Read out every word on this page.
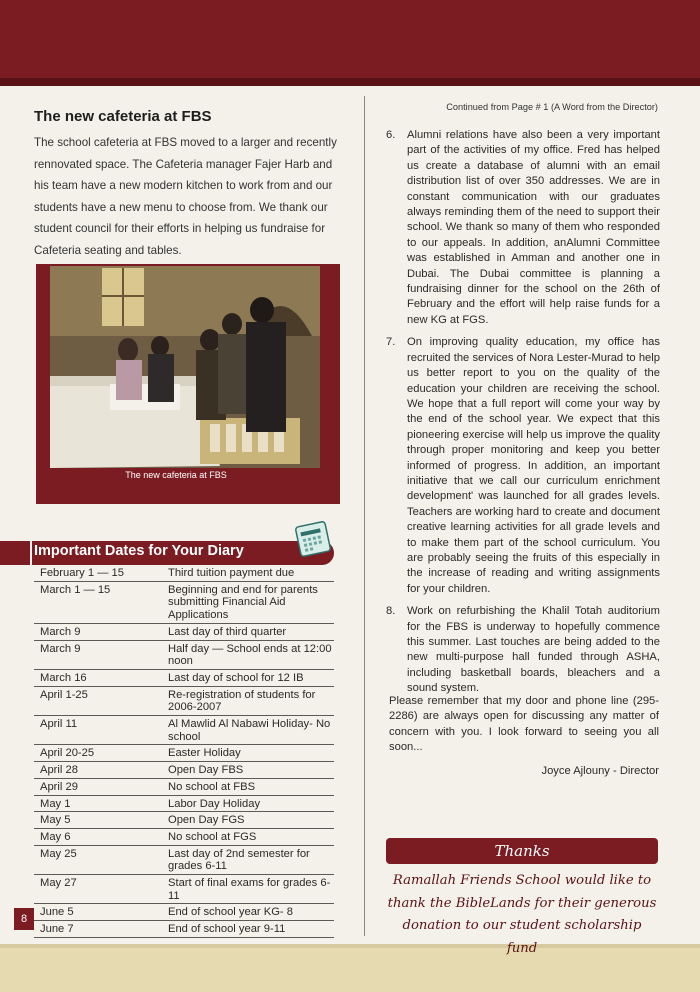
The new cafeteria at FBS
The school cafeteria at FBS moved to a larger and recently rennovated space. The Cafeteria manager Fajer Harb and his team have a new modern kitchen to work from and our students have a new menu to choose from. We thank our student council for their efforts in helping us fundraise for Cafeteria seating and tables.
The new cafeteria at FBS
Important Dates for Your Diary
February 1 — 15	Third tuition payment due
March 1 — 15	Beginning and end for parents submitting Financial Aid Applications
March 9	Last day of third quarter
March 9	Half day — School ends at 12:00 noon
March 16	Last day of school for 12 IB
April 1-25	Re-registration of students for 2006-2007
April 11	Al Mawlid Al Nabawi Holiday- No school
April 20-25	Easter Holiday
April 28	Open Day FBS
April 29	No school at FBS
May 1	Labor Day Holiday
May 5	Open Day FGS
May 6	No school at FGS
May 25	Last day of 2nd semester for grades 6-11
May 27	Start of final exams for grades 6-11
June 5	End of school year KG- 8
June 7	End of school year 9-11
8
Continued from Page # 1 (A Word from the Director)
6.	Alumni relations have also been a very important part of the activities of my office. Fred has helped us create a database of alumni with an email distribution list of over 350 addresses. We are in constant communication with our graduates always reminding them of the need to support their school. We thank so many of them who responded to our appeals. In addition, anAlumni Committee was established in Amman and another one in Dubai. The Dubai committee is planning a fundraising dinner for the school on the 26th of February and the effort will help raise funds for a new KG at FGS.
7.	On improving quality education, my office has recruited the services of Nora Lester-Murad to help us better report to you on the quality of the education your children are receiving the school. We hope that a full report will come your way by the end of the school year. We expect that this pioneering exercise will help us improve the quality through proper monitoring and keep you better informed of progress. In addition, an important initiative that we call our curriculum enrichment development' was launched for all grades levels. Teachers are working hard to create and document creative learning activities for all grade levels and to make them part of the school curriculum. You are probably seeing the fruits of this especially in the increase of reading and writing assignments for your children.
8.	Work on refurbishing the Khalil Totah auditorium for the FBS is underway to hopefully commence this summer. Last touches are being added to the new multi-purpose hall funded through ASHA, including basketball boards, bleachers and a sound system.
Please remember that my door and phone line (295-2286) are always open for discussing any matter of concern with you. I look forward to seeing you all soon...
Joyce Ajlouny - Director
Thanks
Ramallah Friends School would like to thank the BibleLands for their generous donation to our student scholarship fund
